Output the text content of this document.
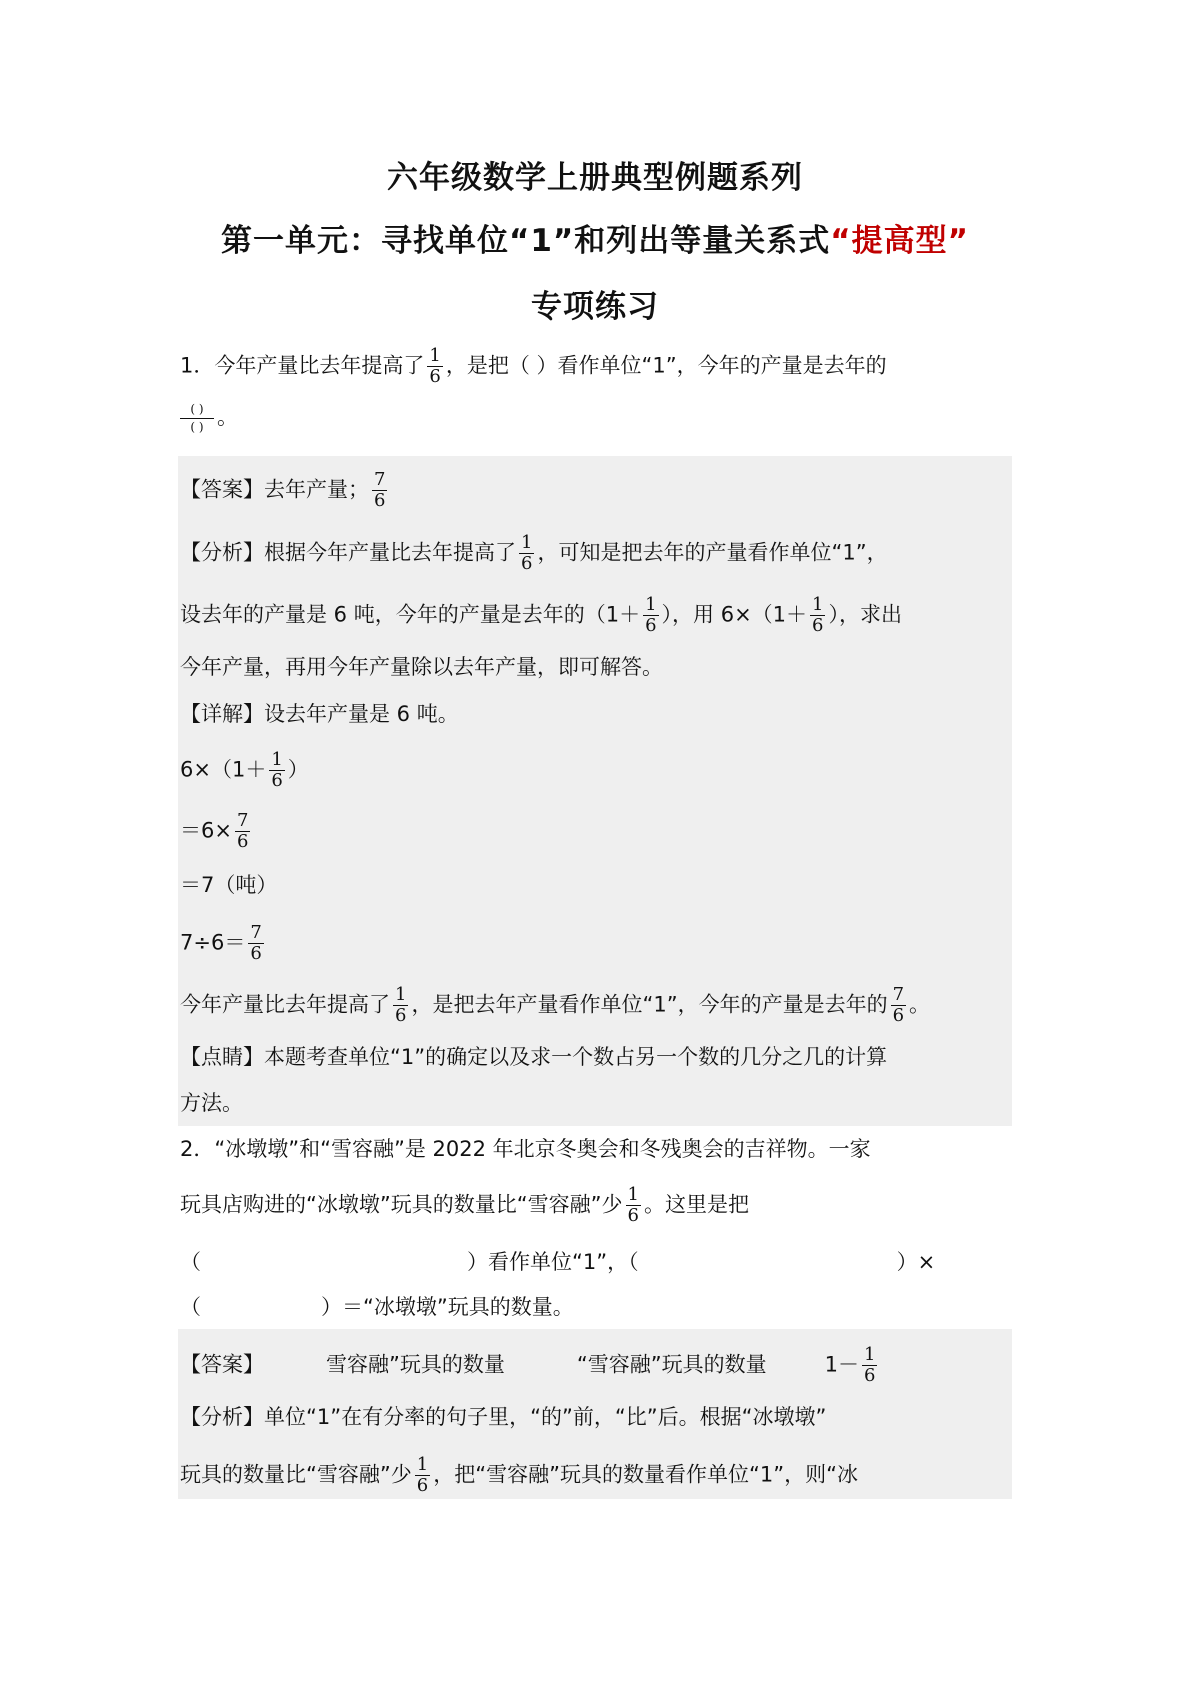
六年级数学上册典型例题系列
第一单元：寻找单位“1”和列出等量关系式“提高型”
专项练习
1．今年产量比去年提高了 $\frac{1}{6}$ ，是把（ ）看作单位“1”，今年的产量是去年的
$\frac{( )}{( )}$ 。
【答案】去年产量； $\frac{7}{6}$
【分析】根据今年产量比去年提高了 $\frac{1}{6}$ ，可知是把去年的产量看作单位“1”，
设去年的产量是 6 吨，今年的产量是去年的（$1+ \frac{1}{6}$ ），用 $6\times(1+ \frac{1}{6}$ ），求出
今年产量，再用今年产量除以去年产量，即可解答。
【详解】设去年产量是 6 吨。
$6\times(1+ \frac{1}{6}$ ）
$=6\times \frac{7}{6}$
＝7（吨）
$7\div 6= \frac{7}{6}$
今年产量比去年提高了 $\frac{1}{6}$ ，是把去年产量看作单位“1”，今年的产量是去年的 $\frac{7}{6}$ 。
【点睛】本题考查单位“1”的确定以及求一个数占另一个数的几分之几的计算
方法。
2．“冰墩墩”和“雪容融”是 2022 年北京冬奥会和冬残奥会的吉祥物。一家
玩具店购进的“冰墩墩”玩具的数量比“雪容融”少 $\frac{1}{6}$ 。这里是把
（	）看作单位“1”，（	）×
（	）＝“冰墩墩”玩具的数量。
【答案】	雪容融”玩具的数量	“雪容融”玩具的数量	$1- \frac{1}{6}$
【分析】单位“1”在有分率的句子里，“的”前，“比”后。根据“冰墩墩”
玩具的数量比“雪容融”少 $\frac{1}{6}$ ，把“雪容融”玩具的数量看作单位“1”，则“冰
